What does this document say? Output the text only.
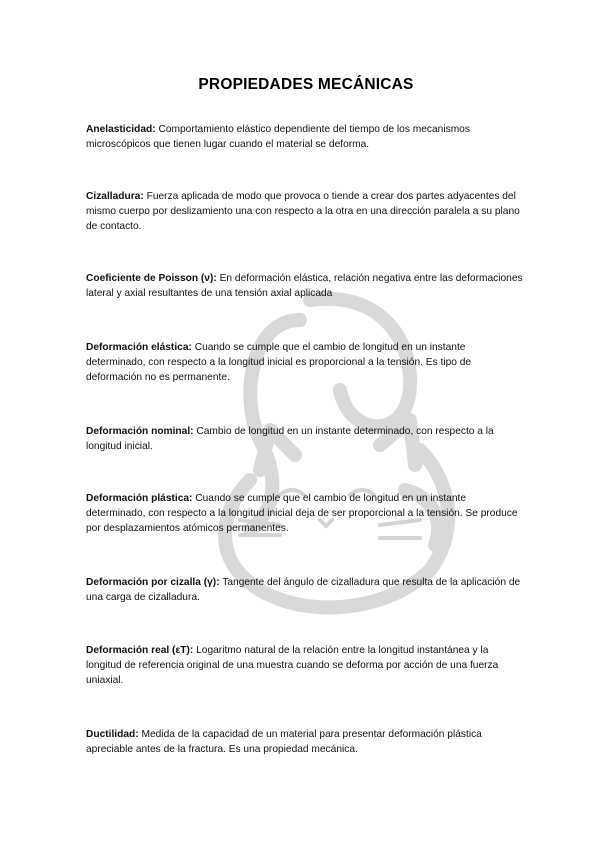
PROPIEDADES MECÁNICAS
Anelasticidad: Comportamiento elástico dependiente del tiempo de los mecanismos microscópicos que tienen lugar cuando el material se deforma.
Cizalladura: Fuerza aplicada de modo que provoca o tiende a crear dos partes adyacentes del mismo cuerpo por deslizamiento una con respecto a la otra en una dirección paralela a su plano de contacto.
Coeficiente de Poisson (ν): En deformación elástica, relación negativa entre las deformaciones lateral y axial resultantes de una tensión axial aplicada
Deformación elástica: Cuando se cumple que el cambio de longitud en un instante determinado, con respecto a la longitud inicial es proporcional a la tensión. Es tipo de deformación no es permanente.
Deformación nominal: Cambio de longitud en un instante determinado, con respecto a la longitud inicial.
Deformación plástica: Cuando se cumple que el cambio de longitud en un instante determinado, con respecto a la longitud inicial deja de ser proporcional a la tensión. Se produce por desplazamientos atómicos permanentes.
Deformación por cizalla (γ): Tangente del ángulo de cizalladura que resulta de la aplicación de una carga de cizalladura.
Deformación real (εT): Logaritmo natural de la relación entre la longitud instantánea y la longitud de referencia original de una muestra cuando se deforma por acción de una fuerza uniaxial.
Ductilidad: Medida de la capacidad de un material para presentar deformación plástica apreciable antes de la fractura. Es una propiedad mecánica.
